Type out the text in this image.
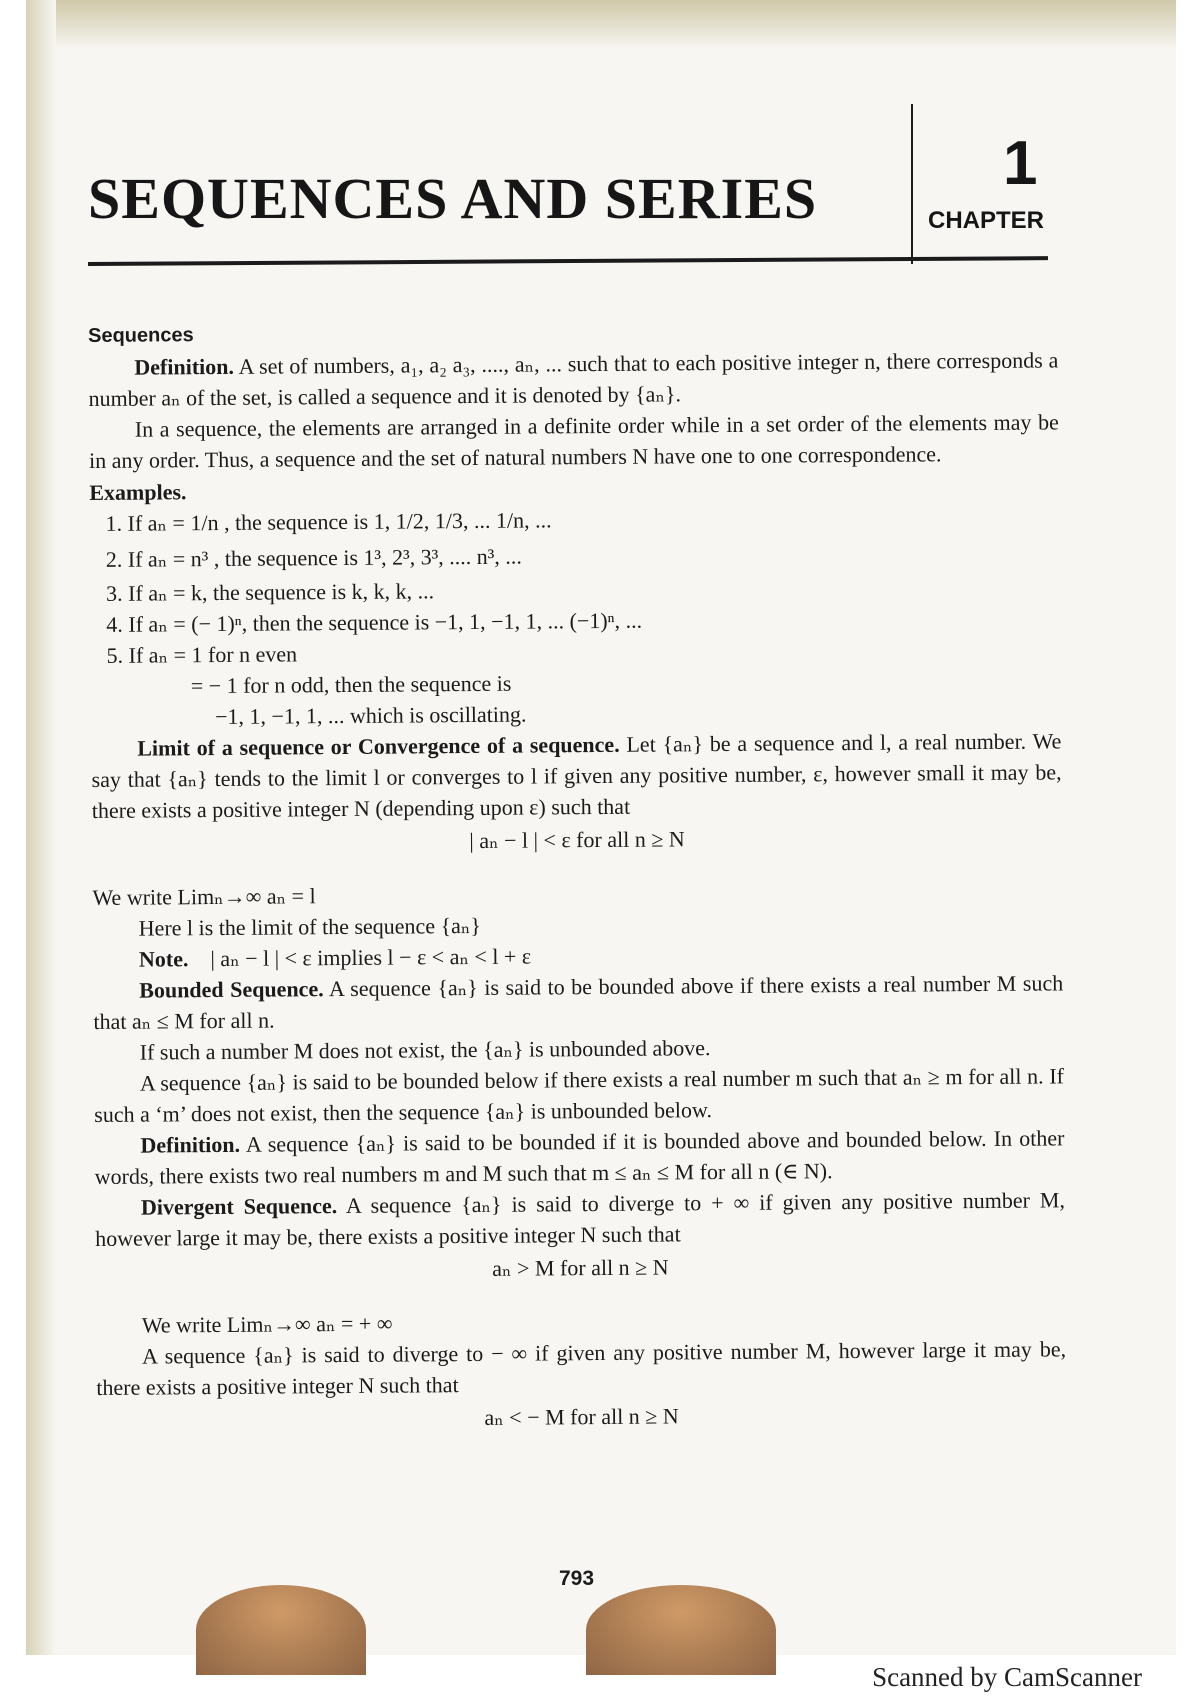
SEQUENCES AND SERIES
1
CHAPTER
Sequences

Definition. A set of numbers, a₁, a₂ a₃, ...., aₙ, ... such that to each positive integer n, there corresponds a number aₙ of the set, is called a sequence and it is denoted by {aₙ}.

In a sequence, the elements are arranged in a definite order while in a set order of the elements may be in any order. Thus, a sequence and the set of natural numbers N have one to one correspondence.

Examples.
1. If aₙ = 1/n , the sequence is 1, 1/2, 1/3, ... 1/n, ...
2. If aₙ = n³ , the sequence is 1³, 2³, 3³, .... n³, ...
3. If aₙ = k, the sequence is k, k, k, ...
4. If aₙ = (− 1)ⁿ, then the sequence is −1, 1, −1, 1, ... (−1)ⁿ, ...
5. If aₙ = 1 for n even
= − 1 for n odd, then the sequence is
−1, 1, −1, 1, ... which is oscillating.

Limit of a sequence or Convergence of a sequence. Let {aₙ} be a sequence and l, a real number. We say that {aₙ} tends to the limit l or converges to l if given any positive number, ε, however small it may be, there exists a positive integer N (depending upon ε) such that

| aₙ − l | < ε for all n ≥ N

We write Limₙ→∞ aₙ = l

Here l is the limit of the sequence {aₙ}

Note. | aₙ − l | < ε implies l − ε < aₙ < l + ε

Bounded Sequence. A sequence {aₙ} is said to be bounded above if there exists a real number M such that aₙ ≤ M for all n.

If such a number M does not exist, the {aₙ} is unbounded above.

A sequence {aₙ} is said to be bounded below if there exists a real number m such that aₙ ≥ m for all n. If such a ‘m’ does not exist, then the sequence {aₙ} is unbounded below.

Definition. A sequence {aₙ} is said to be bounded if it is bounded above and bounded below. In other words, there exists two real numbers m and M such that m ≤ aₙ ≤ M for all n (∈ N).

Divergent Sequence. A sequence {aₙ} is said to diverge to + ∞ if given any positive number M, however large it may be, there exists a positive integer N such that

aₙ > M for all n ≥ N

We write Limₙ→∞ aₙ = + ∞

A sequence {aₙ} is said to diverge to − ∞ if given any positive number M, however large it may be, there exists a positive integer N such that

aₙ < − M for all n ≥ N
793
Scanned by CamScanner
